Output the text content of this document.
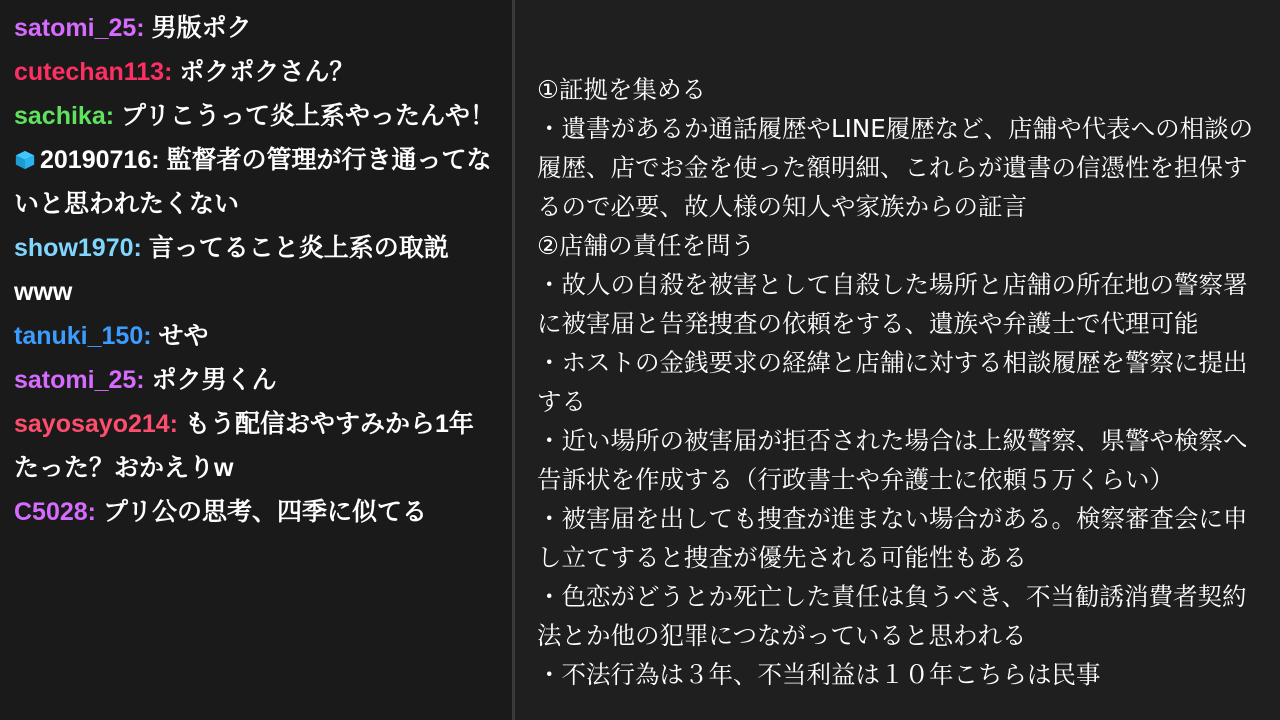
satomi_25: 男版ポク
cutechan113: ポクポクさん？
sachika: プリこうって炎上系やったんや！
20190716: 監督者の管理が行き通ってないと思われたくない
show1970: 言ってること炎上系の取説www
tanuki_150: せや
satomi_25: ポク男くん
sayosayo214: もう配信おやすみから1年たった？おかえりw
C5028: プリ公の思考、四季に似てる
①証拠を集める
・遺書があるか通話履歴やLINE履歴など、店舗や代表への相談の履歴、店でお金を使った額明細、これらが遺書の信憑性を担保するので必要、故人様の知人や家族からの証言
②店舗の責任を問う
・故人の自殺を被害として自殺した場所と店舗の所在地の警察署に被害届と告発捜査の依頼をする、遺族や弁護士で代理可能
・ホストの金銭要求の経緯と店舗に対する相談履歴を警察に提出する
・近い場所の被害届が拒否された場合は上級警察、県警や検察へ告訴状を作成する（行政書士や弁護士に依頼５万くらい）
・被害届を出しても捜査が進まない場合がある。検察審査会に申し立てすると捜査が優先される可能性もある
・色恋がどうとか死亡した責任は負うべき、不当勧誘消費者契約法とか他の犯罪につながっていると思われる
・不法行為は３年、不当利益は１０年こちらは民事
